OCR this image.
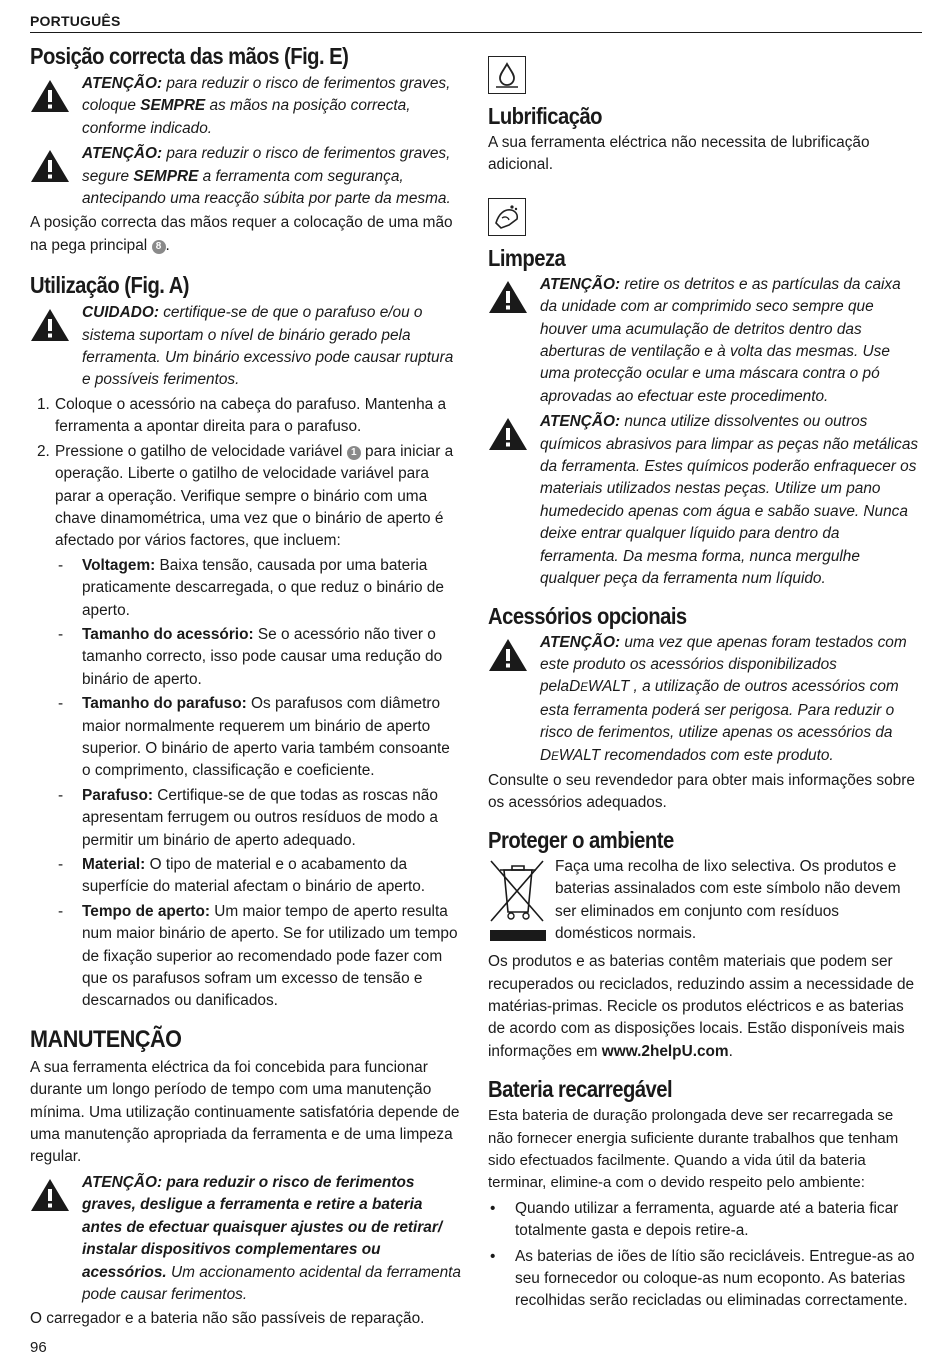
PORTUGUÊS
Posição correcta das mãos (Fig. E)

ATENÇÃO: para reduzir o risco de ferimentos graves, coloque SEMPRE as mãos na posição correcta, conforme indicado.

ATENÇÃO: para reduzir o risco de ferimentos graves, segure SEMPRE a ferramenta com segurança, antecipando uma reacção súbita por parte da mesma.

A posição correcta das mãos requer a colocação de uma mão na pega principal 8 .

Utilização (Fig. A)

CUIDADO: certifique-se de que o parafuso e/ou o sistema suportam o nível de binário gerado pela ferramenta. Um binário excessivo pode causar ruptura e possíveis ferimentos.

1. Coloque o acessório na cabeça do parafuso. Mantenha a ferramenta a apontar direita para o parafuso.
2. Pressione o gatilho de velocidade variável 1 para iniciar a operação. Liberte o gatilho de velocidade variável para parar a operação. Verifique sempre o binário com uma chave dinamométrica, uma vez que o binário de aperto é afectado por vários factores, que incluem:
-	Voltagem: Baixa tensão, causada por uma bateria praticamente descarregada, o que reduz o binário de aperto.
-	Tamanho do acessório: Se o acessório não tiver o tamanho correcto, isso pode causar uma redução do binário de aperto.
-	Tamanho do parafuso: Os parafusos com diâmetro maior normalmente requerem um binário de aperto superior. O binário de aperto varia também consoante o comprimento, classificação e coeficiente.
-	Parafuso: Certifique-se de que todas as roscas não apresentam ferrugem ou outros resíduos de modo a permitir um binário de aperto adequado.
-	Material: O tipo de material e o acabamento da superfície do material afectam o binário de aperto.
-	Tempo de aperto: Um maior tempo de aperto resulta num maior binário de aperto. Se for utilizado um tempo de fixação superior ao recomendado pode fazer com que os parafusos sofram um excesso de tensão e descarnados ou danificados.
MANUTENÇÃO

A sua ferramenta eléctrica da foi concebida para funcionar durante um longo período de tempo com uma manutenção mínima. Uma utilização continuamente satisfatória depende de uma manutenção apropriada da ferramenta e de uma limpeza regular.

ATENÇÃO: para reduzir o risco de ferimentos graves, desligue a ferramenta e retire a bateria antes de efectuar quaisquer ajustes ou de retirar/ instalar dispositivos complementares ou acessórios. Um accionamento acidental da ferramenta pode causar ferimentos.

O carregador e a bateria não são passíveis de reparação.

Lubrificação

A sua ferramenta eléctrica não necessita de lubrificação adicional.

Limpeza

ATENÇÃO: retire os detritos e as partículas da caixa da unidade com ar comprimido seco sempre que houver uma acumulação de detritos dentro das aberturas de ventilação e à volta das mesmas. Use uma protecção ocular e uma máscara contra o pó aprovadas ao efectuar este procedimento.

ATENÇÃO: nunca utilize dissolventes ou outros químicos abrasivos para limpar as peças não metálicas da ferramenta. Estes químicos poderão enfraquecer os materiais utilizados nestas peças. Utilize um pano humedecido apenas com água e sabão suave. Nunca deixe entrar qualquer líquido para dentro da ferramenta. Da mesma forma, nunca mergulhe qualquer peça da ferramenta num líquido.

Acessórios opcionais

ATENÇÃO: uma vez que apenas foram testados com este produto os acessórios disponibilizados pelaDEWALT , a utilização de outros acessórios com esta ferramenta poderá ser perigosa. Para reduzir o risco de ferimentos, utilize apenas os acessórios da DEWALT recomendados com este produto.

Consulte o seu revendedor para obter mais informações sobre os acessórios adequados.

Proteger o ambiente

Faça uma recolha de lixo selectiva. Os produtos e baterias assinalados com este símbolo não devem ser eliminados em conjunto com resíduos domésticos normais.

Os produtos e as baterias contêm materiais que podem ser recuperados ou reciclados, reduzindo assim a necessidade de matérias-primas. Recicle os produtos eléctricos e as baterias de acordo com as disposições locais. Estão disponíveis mais informações em www.2helpU.com.

Bateria recarregável

Esta bateria de duração prolongada deve ser recarregada se não fornecer energia suficiente durante trabalhos que tenham sido efectuados facilmente. Quando a vida útil da bateria terminar, elimine-a com o devido respeito pelo ambiente:

•	Quando utilizar a ferramenta, aguarde até a bateria ficar totalmente gasta e depois retire-a.
•	As baterias de iões de lítio são recicláveis. Entregue-as ao seu fornecedor ou coloque-as num ecoponto. As baterias recolhidas serão recicladas ou eliminadas correctamente.
96
